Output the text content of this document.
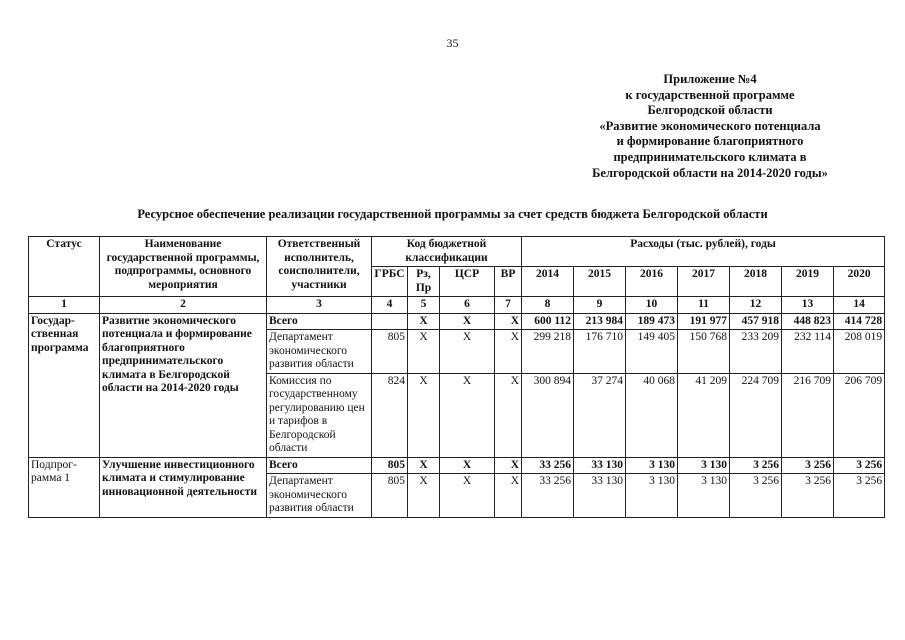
35
Приложение №4
к государственной программе
Белгородской области
«Развитие экономического потенциала
и формирование благоприятного
предпринимательского климата в
Белгородской области на 2014-2020 годы»
Ресурсное обеспечение реализации государственной программы за счет средств бюджета Белгородской области
Статус	Наименование государственной программы, подпрограммы, основного мероприятия	Ответственный исполнитель, соисполнители, участники	Код бюджетной классификации				Расходы (тыс. рублей), годы						
			ГРБС	Рз, Пр	ЦСР	ВР	2014	2015	2016	2017	2018	2019	2020
1	2	3	4	5	6	7	8	9	10	11	12	13	14
Государ-ственная программа	Развитие экономического потенциала и формирование благоприятного предпринимательского климата в Белгородской области на 2014-2020 годы	Всего		X	X	X	600 112	213 984	189 473	191 977	457 918	448 823	414 728
		Департамент экономического развития области	805	X	X	X	299 218	176 710	149 405	150 768	233 209	232 114	208 019
		Комиссия по государственному регулированию цен и тарифов в Белгородской области	824	X	X	X	300 894	37 274	40 068	41 209	224 709	216 709	206 709
Подпрог-рамма 1	Улучшение инвестиционного климата и стимулирование инновационной деятельности	Всего	805	X	X	X	33 256	33 130	3 130	3 130	3 256	3 256	3 256
		Департамент экономического развития области	805	X	X	X	33 256	33 130	3 130	3 130	3 256	3 256	3 256
